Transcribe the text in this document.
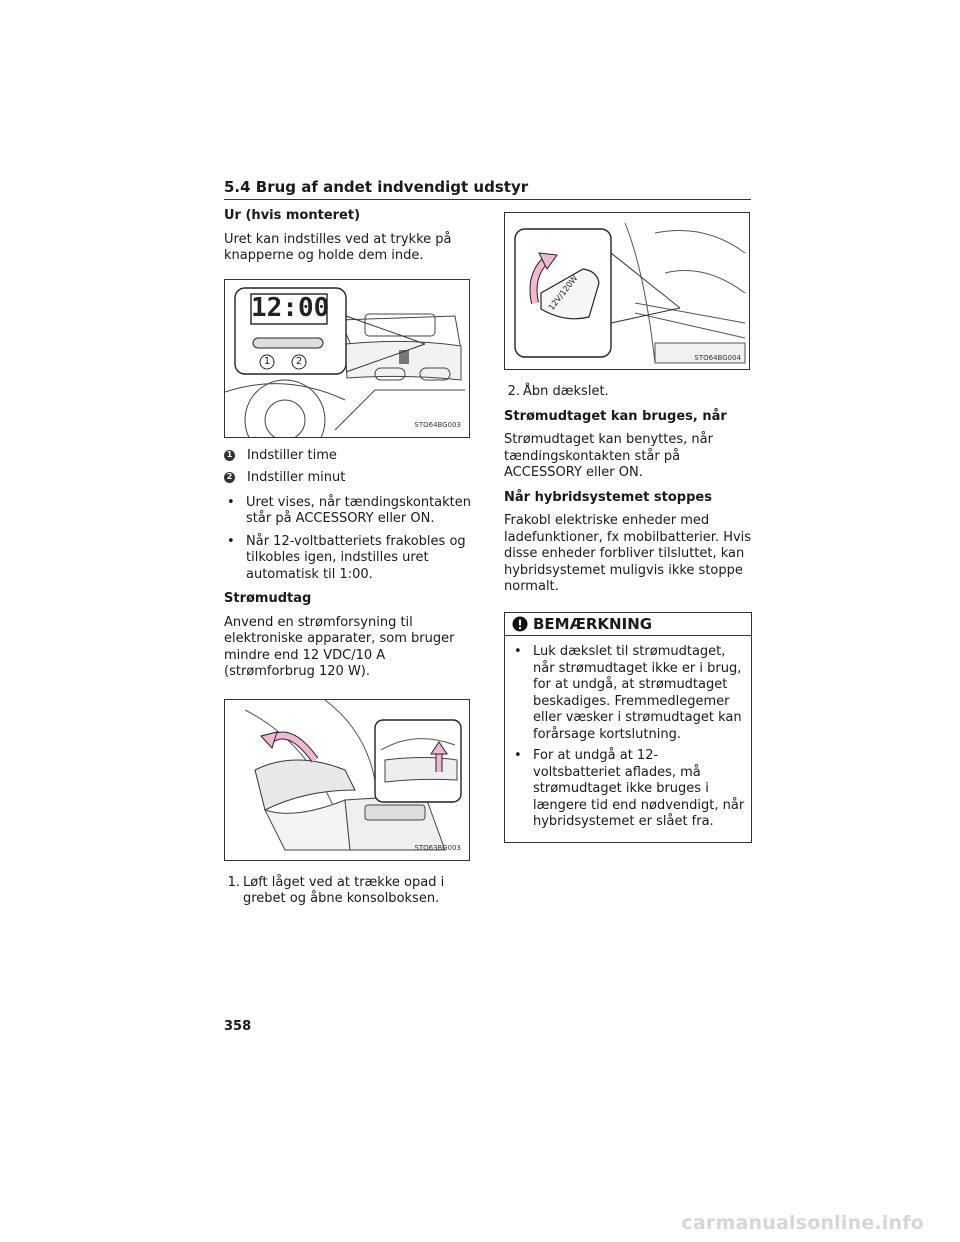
5.4 Brug af andet indvendigt udstyr
Ur (hvis monteret)
Uret kan indstilles ved at trykke på knapperne og holde dem inde.
12:00
1	2
STO64BG003
1 Indstiller time
2 Indstiller minut
• Uret vises, når tændingskontakten står på ACCESSORY eller ON.
• Når 12-voltbatteriets frakobles og tilkobles igen, indstilles uret automatisk til 1:00.
Strømudtag
Anvend en strømforsyning til elektroniske apparater, som bruger mindre end 12 VDC/10 A (strømforbrug 120 W).
STO63BG003
1. Løft låget ved at trække opad i grebet og åbne konsolboksen.
12V/120W
STO64BG004
2. Åbn dækslet.
Strømudtaget kan bruges, når
Strømudtaget kan benyttes, når tændingskontakten står på ACCESSORY eller ON.
Når hybridsystemet stoppes
Frakobl elektriske enheder med ladefunktioner, fx mobilbatterier. Hvis disse enheder forbliver tilsluttet, kan hybridsystemet muligvis ikke stoppe normalt.
BEMÆRKNING
• Luk dækslet til strømudtaget, når strømudtaget ikke er i brug, for at undgå, at strømudtaget beskadiges. Fremmedlegemer eller væsker i strømudtaget kan forårsage kortslutning.
• For at undgå at 12-voltsbatteriet aflades, må strømudtaget ikke bruges i længere tid end nødvendigt, når hybridsystemet er slået fra.
358
carmanualsonline.info
